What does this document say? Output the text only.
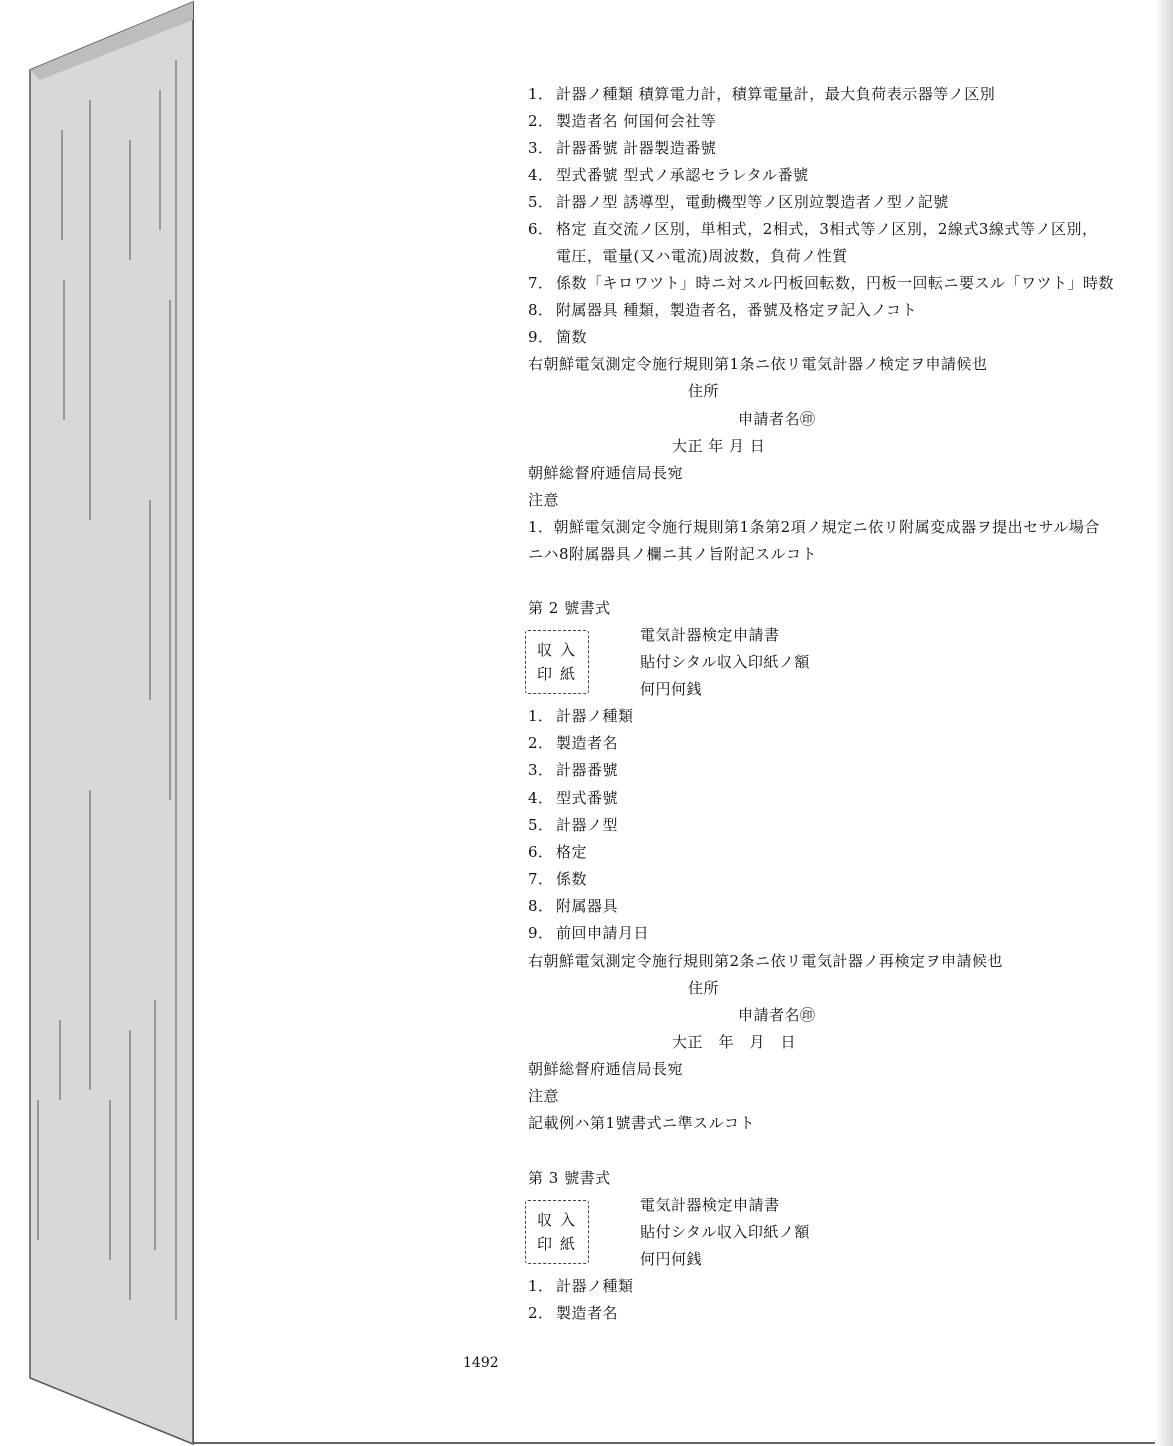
1． 計器ノ種類 積算電力計，積算電量計，最大負荷表示器等ノ区別
2． 製造者名 何国何会社等
3． 計器番號 計器製造番號
4． 型式番號 型式ノ承認セラレタル番號
5． 計器ノ型 誘導型，電動機型等ノ区別竝製造者ノ型ノ記號
6． 格定 直交流ノ区別，単相式，2相式，3相式等ノ区別，2線式3線式等ノ区別，
電圧，電量(又ハ電流)周波数，負荷ノ性質
7． 係数「キロワツト」時ニ対スル円板回転数，円板一回転ニ要スル「ワツト」時数
8． 附属器具 種類，製造者名，番號及格定ヲ記入ノコト
9． 箇数
右朝鮮電気測定令施行規則第1条ニ依リ電気計器ノ検定ヲ申請候也
住所
申請者名㊞
大正 年 月 日
朝鮮総督府逓信局長宛
注意
1．朝鮮電気測定令施行規則第1条第2項ノ規定ニ依リ附属変成器ヲ提出セサル場合
ニハ8附属器具ノ欄ニ其ノ旨附記スルコト
第 2 號書式
収入
印紙
電気計器検定申請書
貼付シタル収入印紙ノ額
何円何銭
1． 計器ノ種類
2． 製造者名
3． 計器番號
4． 型式番號
5． 計器ノ型
6． 格定
7． 係数
8． 附属器具
9． 前回申請月日
右朝鮮電気測定令施行規則第2条ニ依リ電気計器ノ再検定ヲ申請候也
住所
申請者名㊞
大正　年　月　日
朝鮮総督府逓信局長宛
注意
記載例ハ第1號書式ニ準スルコト
第 3 號書式
収入
印紙
電気計器検定申請書
貼付シタル収入印紙ノ額
何円何銭
1． 計器ノ種類
2． 製造者名
1492
